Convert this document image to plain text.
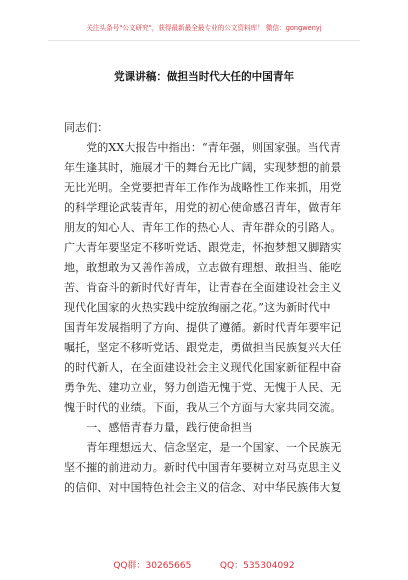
关注头条号"公文研究"，获得最新最全最专业的公文资料库！ 微信：gongwenyj
党课讲稿：做担当时代大任的中国青年
同志们：
　　党的XX大报告中指出：“青年强，则国家强。当代青
年生逢其时，施展才干的舞台无比广阔，实现梦想的前景
无比光明。全党要把青年工作作为战略性工作来抓，用党
的科学理论武装青年，用党的初心使命感召青年，做青年
朋友的知心人、青年工作的热心人、青年群众的引路人。
广大青年要坚定不移听党话、跟党走，怀抱梦想又脚踏实
地，敢想敢为又善作善成，立志做有理想、敢担当、能吃
苦、肯奋斗的新时代好青年，让青春在全面建设社会主义
现代化国家的火热实践中绽放绚丽之花。”这为新时代中
国青年发展指明了方向、提供了遵循。新时代青年要牢记
嘱托，坚定不移听党话、跟党走，勇做担当民族复兴大任
的时代新人，在全面建设社会主义现代化国家新征程中奋
勇争先、建功立业，努力创造无愧于党、无愧于人民、无
愧于时代的业绩。下面，我从三个方面与大家共同交流。
　　一、感悟青春力量，践行使命担当
　　青年理想远大、信念坚定，是一个国家、一个民族无
坚不摧的前进动力。新时代中国青年要树立对马克思主义
的信仰、对中国特色社会主义的信念、对中华民族伟大复
QQ群：30265665          QQ：535304092
